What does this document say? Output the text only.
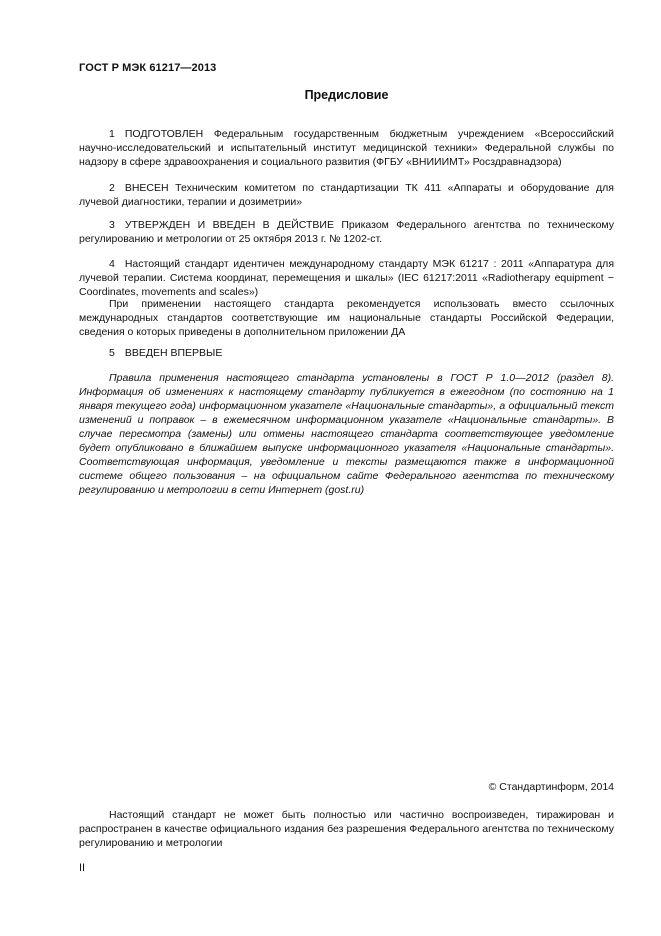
ГОСТ Р МЭК 61217—2013
Предисловие

1 ПОДГОТОВЛЕН Федеральным государственным бюджетным учреждением «Всероссийский научно-исследовательский и испытательный институт медицинской техники» Федеральной службы по надзору в сфере здравоохранения и социального развития (ФГБУ «ВНИИИМТ» Росздравнадзора)

2 ВНЕСЕН Техническим комитетом по стандартизации ТК 411 «Аппараты и оборудование для лучевой диагностики, терапии и дозиметрии»

3 УТВЕРЖДЕН И ВВЕДЕН В ДЕЙСТВИЕ Приказом Федерального агентства по техническому регулированию и метрологии от 25 октября 2013 г. № 1202-ст.

4 Настоящий стандарт идентичен международному стандарту МЭК 61217 : 2011 «Аппаратура для лучевой терапии. Система координат, перемещения и шкалы» (IEC 61217:2011 «Radiotherapy equipment − Coordinates, movements and scales»)

При применении настоящего стандарта рекомендуется использовать вместо ссылочных международных стандартов соответствующие им национальные стандарты Российской Федерации, сведения о которых приведены в дополнительном приложении ДА

5 ВВЕДЕН ВПЕРВЫЕ

Правила применения настоящего стандарта установлены в ГОСТ Р 1.0—2012 (раздел 8). Информация об изменениях к настоящему стандарту публикуется в ежегодном (по состоянию на 1 января текущего года) информационном указателе «Национальные стандарты», а официальный текст изменений и поправок – в ежемесячном информационном указателе «Национальные стандарты». В случае пересмотра (замены) или отмены настоящего стандарта соответствующее уведомление будет опубликовано в ближайшем выпуске информационного указателя «Национальные стандарты». Соответствующая информация, уведомление и тексты размещаются также в информационной системе общего пользования – на официальном сайте Федерального агентства по техническому регулированию и метрологии в сети Интернет (gost.ru)

© Стандартинформ, 2014

Настоящий стандарт не может быть полностью или частично воспроизведен, тиражирован и распространен в качестве официального издания без разрешения Федерального агентства по техническому регулированию и метрологии

II
